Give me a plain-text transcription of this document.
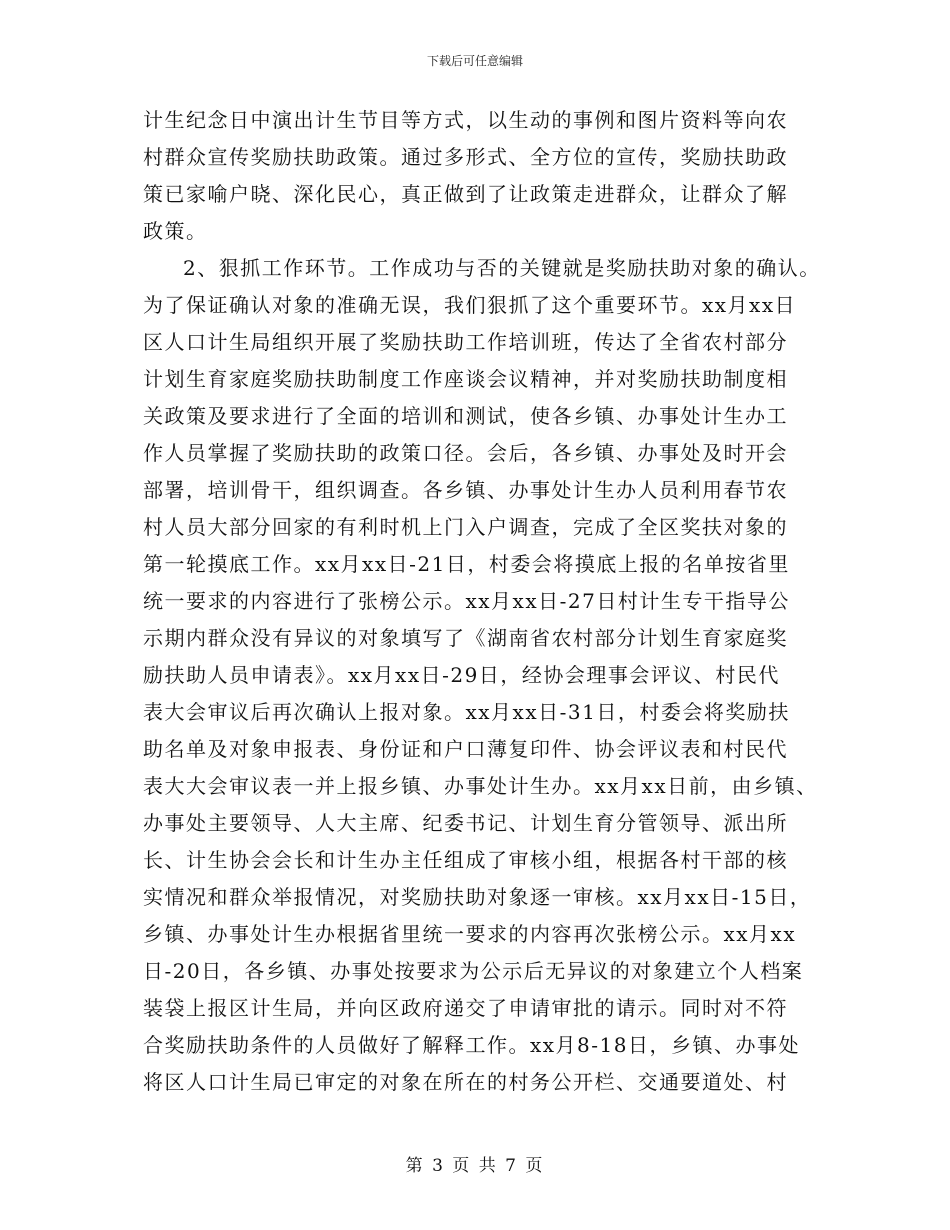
下载后可任意编辑
计生纪念日中演出计生节目等方式，以生动的事例和图片资料等向农
村群众宣传奖励扶助政策。通过多形式、全方位的宣传，奖励扶助政
策已家喻户晓、深化民心，真正做到了让政策走进群众，让群众了解
政策。
2、狠抓工作环节。工作成功与否的关键就是奖励扶助对象的确认。
为了保证确认对象的准确无误，我们狠抓了这个重要环节。xx月xx日
区人口计生局组织开展了奖励扶助工作培训班，传达了全省农村部分
计划生育家庭奖励扶助制度工作座谈会议精神，并对奖励扶助制度相
关政策及要求进行了全面的培训和测试，使各乡镇、办事处计生办工
作人员掌握了奖励扶助的政策口径。会后，各乡镇、办事处及时开会
部署，培训骨干，组织调查。各乡镇、办事处计生办人员利用春节农
村人员大部分回家的有利时机上门入户调查，完成了全区奖扶对象的
第一轮摸底工作。xx月xx日-21日，村委会将摸底上报的名单按省里
统一要求的内容进行了张榜公示。xx月xx日-27日村计生专干指导公
示期内群众没有异议的对象填写了《湖南省农村部分计划生育家庭奖
励扶助人员申请表》。xx月xx日-29日，经协会理事会评议、村民代
表大会审议后再次确认上报对象。xx月xx日-31日，村委会将奖励扶
助名单及对象申报表、身份证和户口薄复印件、协会评议表和村民代
表大大会审议表一并上报乡镇、办事处计生办。xx月xx日前，由乡镇、
办事处主要领导、人大主席、纪委书记、计划生育分管领导、派出所
长、计生协会会长和计生办主任组成了审核小组，根据各村干部的核
实情况和群众举报情况，对奖励扶助对象逐一审核。xx月xx日-15日，
乡镇、办事处计生办根据省里统一要求的内容再次张榜公示。xx月xx
日-20日，各乡镇、办事处按要求为公示后无异议的对象建立个人档案
装袋上报区计生局，并向区政府递交了申请审批的请示。同时对不符
合奖励扶助条件的人员做好了解释工作。xx月8-18日，乡镇、办事处
将区人口计生局已审定的对象在所在的村务公开栏、交通要道处、村
第 3 页 共 7 页
